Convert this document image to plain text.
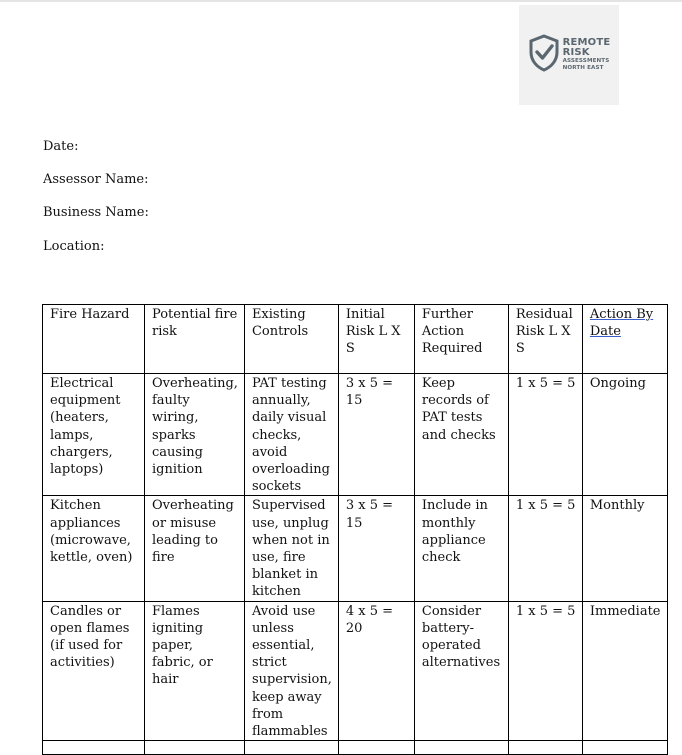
REMOTE
RISK
ASSESSMENTS
NORTH EAST
Date:
Assessor Name:
Business Name:
Location:
Fire Hazard	Potential fire risk	Existing Controls	Initial Risk L X S	Further Action Required	Residual Risk L X S	Action By Date
Electrical equipment (heaters, lamps, chargers, laptops)	Overheating, faulty wiring, sparks causing ignition	PAT testing annually, daily visual checks, avoid overloading sockets	3 x 5 = 15	Keep records of PAT tests and checks	1 x 5 = 5	Ongoing
Kitchen appliances (microwave, kettle, oven)	Overheating or misuse leading to fire	Supervised use, unplug when not in use, fire blanket in kitchen	3 x 5 = 15	Include in monthly appliance check	1 x 5 = 5	Monthly
Candles or open flames (if used for activities)	Flames igniting paper, fabric, or hair	Avoid use unless essential, strict supervision, keep away from flammables	4 x 5 = 20	Consider battery-operated alternatives	1 x 5 = 5	Immediate
